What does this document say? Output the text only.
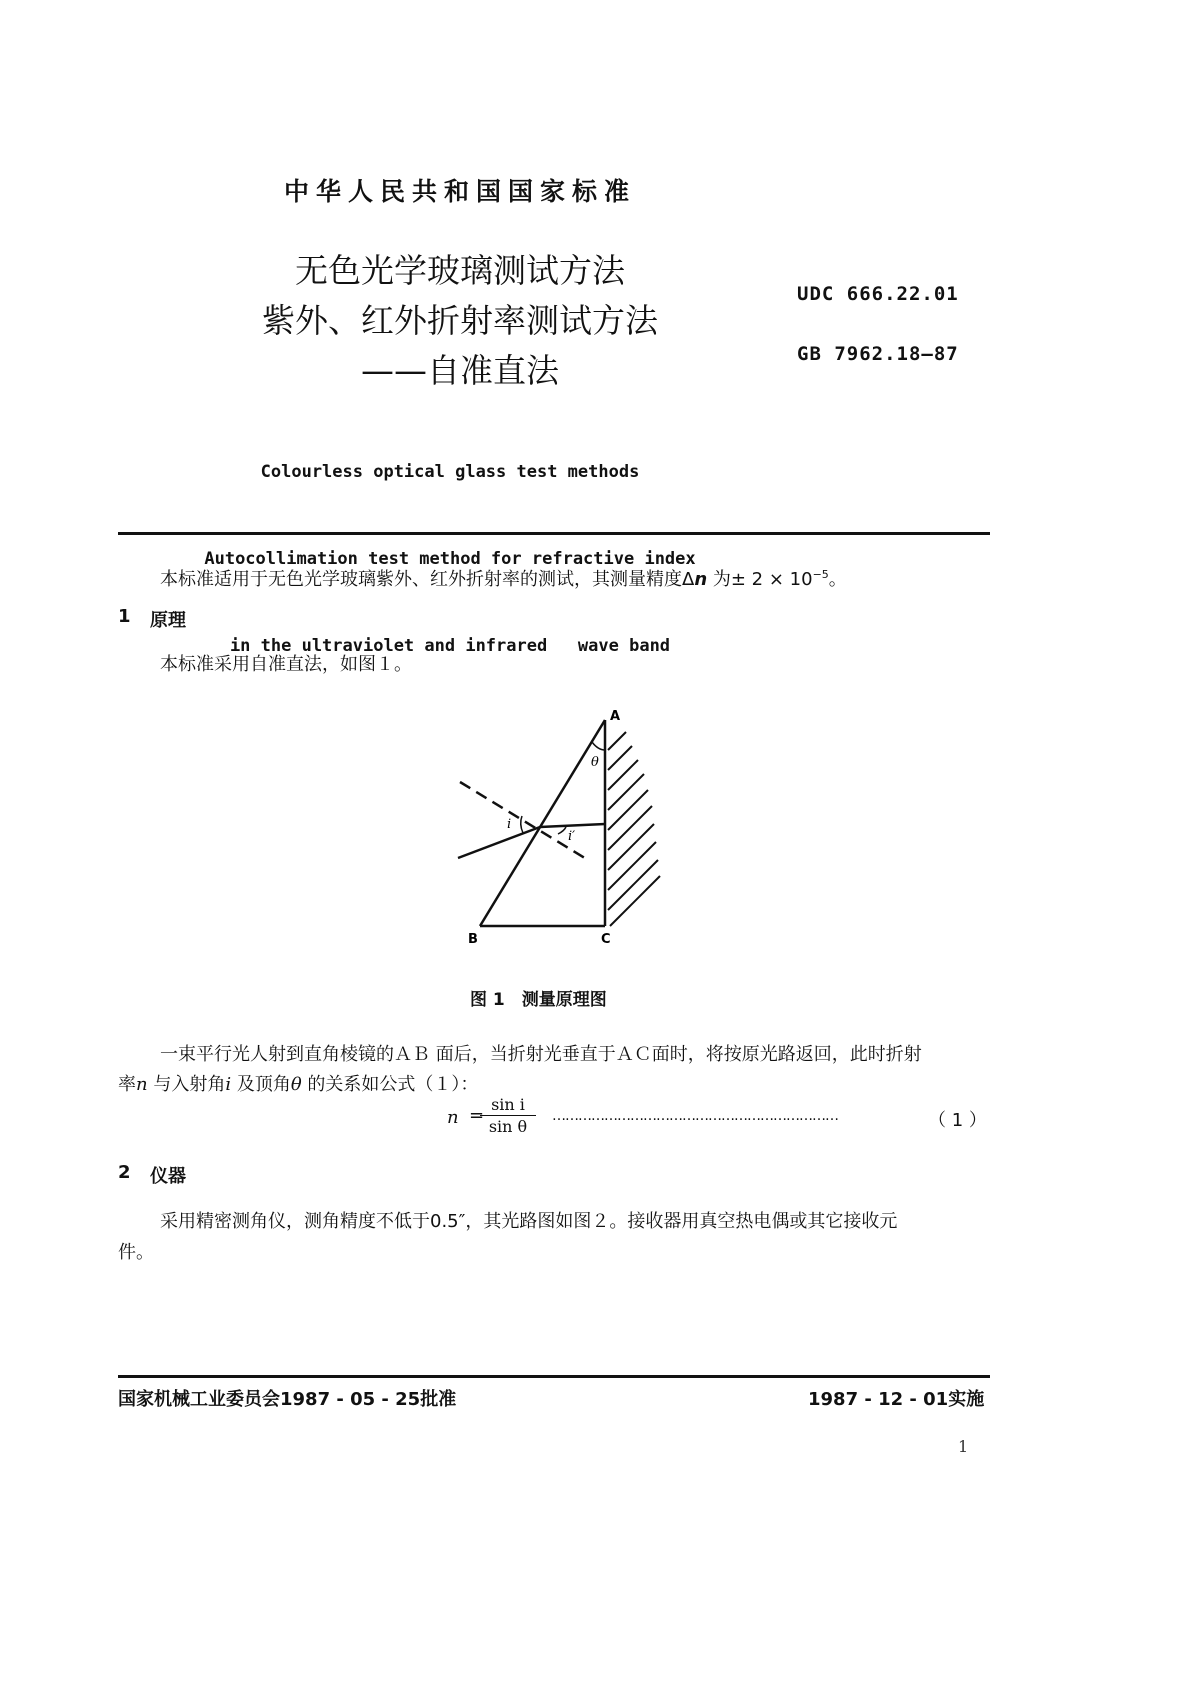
中华人民共和国国家标准
无色光学玻璃测试方法
紫外、红外折射率测试方法
——自准直法
UDC 666.22.01
GB 7962.18—87

Colourless optical glass test methods

Autocollimation test method for refractive index

in the ultraviolet and infrared   wave band

本标准适用于无色光学玻璃紫外、红外折射率的测试，其测量精度Δn 为± $2 \times 10^{-5}$。
1 原理
本标准采用自准直法，如图１。
A
B	C
θ
i
i′
图 1　测量原理图
一束平行光人射到直角棱镜的ＡＢ 面后，当折射光垂直于ＡＣ面时，将按原光路返回，此时折射
率n 与入射角i 及顶角θ 的关系如公式（１）：
n =
sin i
sin θ
…………………………………………………………	（ 1 ）
2 仪器
采用精密测角仪，测角精度不低于0.5″，其光路图如图２。接收器用真空热电偶或其它接收元
件。
国家机械工业委员会1987 - 05 - 25批准	1987 - 12 - 01实施
1
